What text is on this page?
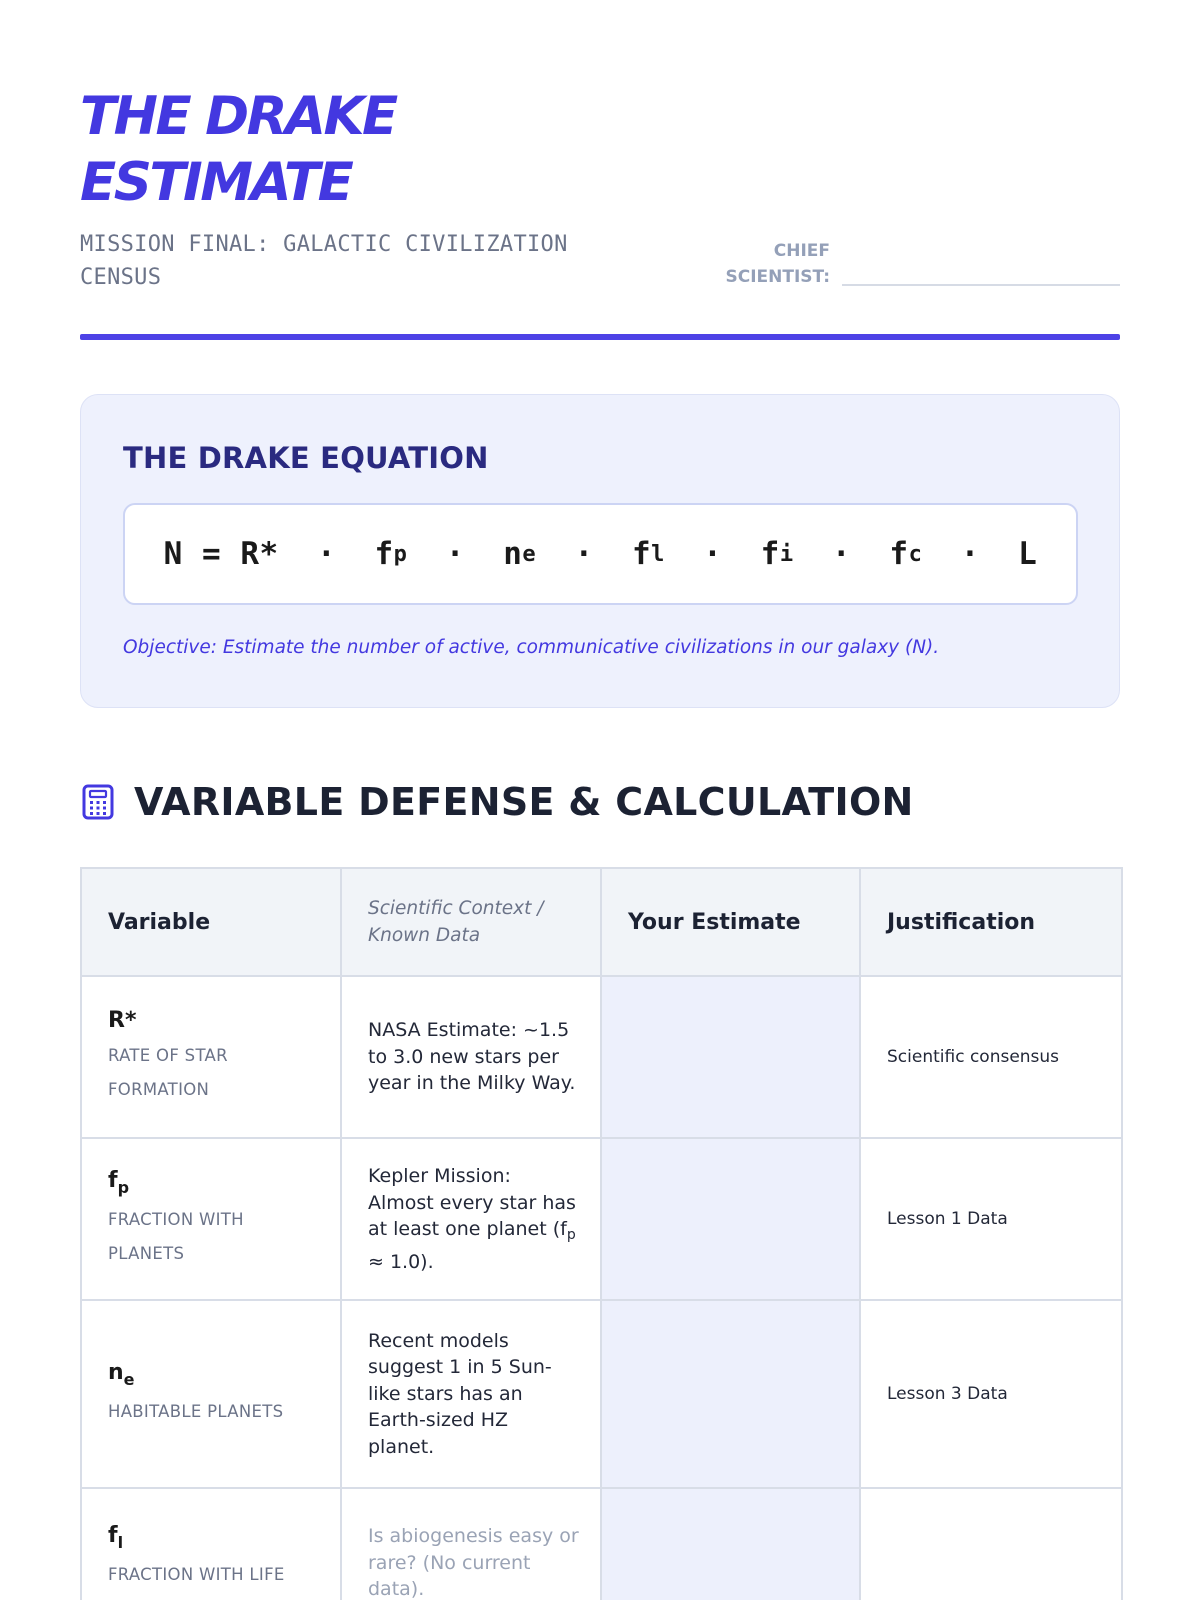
THE DRAKE ESTIMATE
MISSION FINAL: GALACTIC CIVILIZATION CENSUS
CHIEF SCIENTIST:
THE DRAKE EQUATION
N = R*  ·  f p ·  n e ·  f l ·  f i ·  f c ·  L
Objective: Estimate the number of active, communicative civilizations in our galaxy (N).
VARIABLE DEFENSE & CALCULATION
Variable	Scientific Context / Known Data	Your Estimate	Justification

R*
RATE OF STAR FORMATION	NASA Estimate: ~1.5 to 3.0 new stars per year in the Milky Way.		Scientific consensus

$f_p$
FRACTION WITH PLANETS	Kepler Mission: Almost every star has at least one planet $(f_p \approx 1.0)$.		Lesson 1 Data

$n_e$
HABITABLE PLANETS	Recent models suggest 1 in 5 Sun-like stars has an Earth-sized HZ planet.		Lesson 3 Data

$f_l$
FRACTION WITH LIFE	Is abiogenesis easy or rare? (No current data).		
